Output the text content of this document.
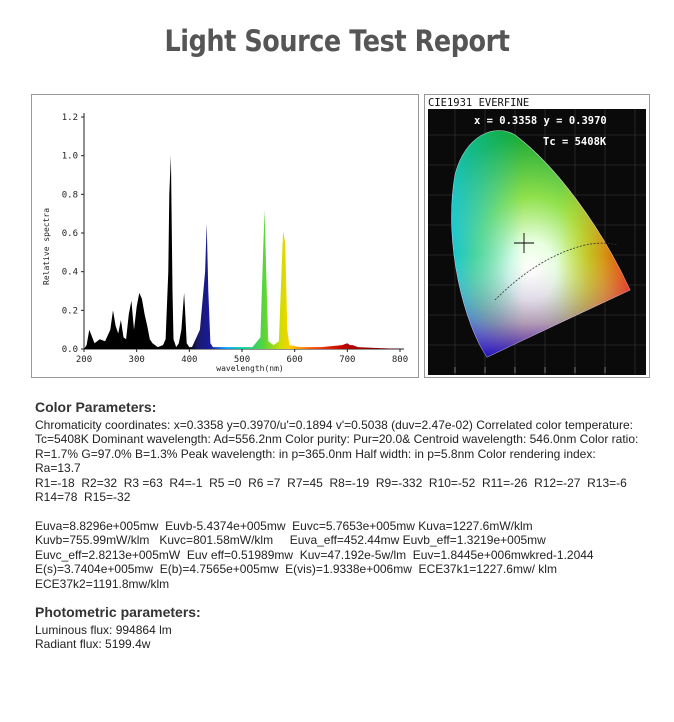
Light Source Test Report
0.0
0.2
0.4
0.6
0.8
1.0
1.2
200	300	400	500	600	700	800
Relative spectra
wavelength(nm)
CIE1931 EVERFINE
x = 0.3358 y = 0.3970
Tc = 5408K
Color Parameters:
Chromaticity coordinates: x=0.3358 y=0.3970/u'=0.1894 v'=0.5038 (duv=2.47e-02) Correlated color temperature: Tc=5408K Dominant wavelength: Ad=556.2nm Color purity: Pur=20.0& Centroid wavelength: 546.0nm Color ratio: R=1.7% G=97.0% B=1.3% Peak wavelength: in p=365.0nm Half width: in p=5.8nm Color rendering index: Ra=13.7
R1=-18  R2=32  R3 =63  R4=-1  R5 =0  R6 =7  R7=45  R8=-19  R9=-332  R10=-52  R11=-26  R12=-27  R13=-6
R14=78  R15=-32
Euva=8.8296e+005mw  Euvb-5.4374e+005mw  Euvc=5.7653e+005mw Kuva=1227.6mW/klm
Kuvb=755.99mW/klm   Kuvc=801.58mW/klm     Euva_eff=452.44mw Euvb_eff=1.3219e+005mw
Euvc_eff=2.8213e+005mW  Euv eff=0.51989mw  Kuv=47.192e-5w/lm  Euv=1.8445e+006mwkred-1.2044
E(s)=3.7404e+005mw  E(b)=4.7565e+005mw  E(vis)=1.9338e+006mw  ECE37k1=1227.6mw/ klm
ECE37k2=1191.8mw/klm
Photometric parameters:
Luminous flux: 994864 lm
Radiant flux: 5199.4w
